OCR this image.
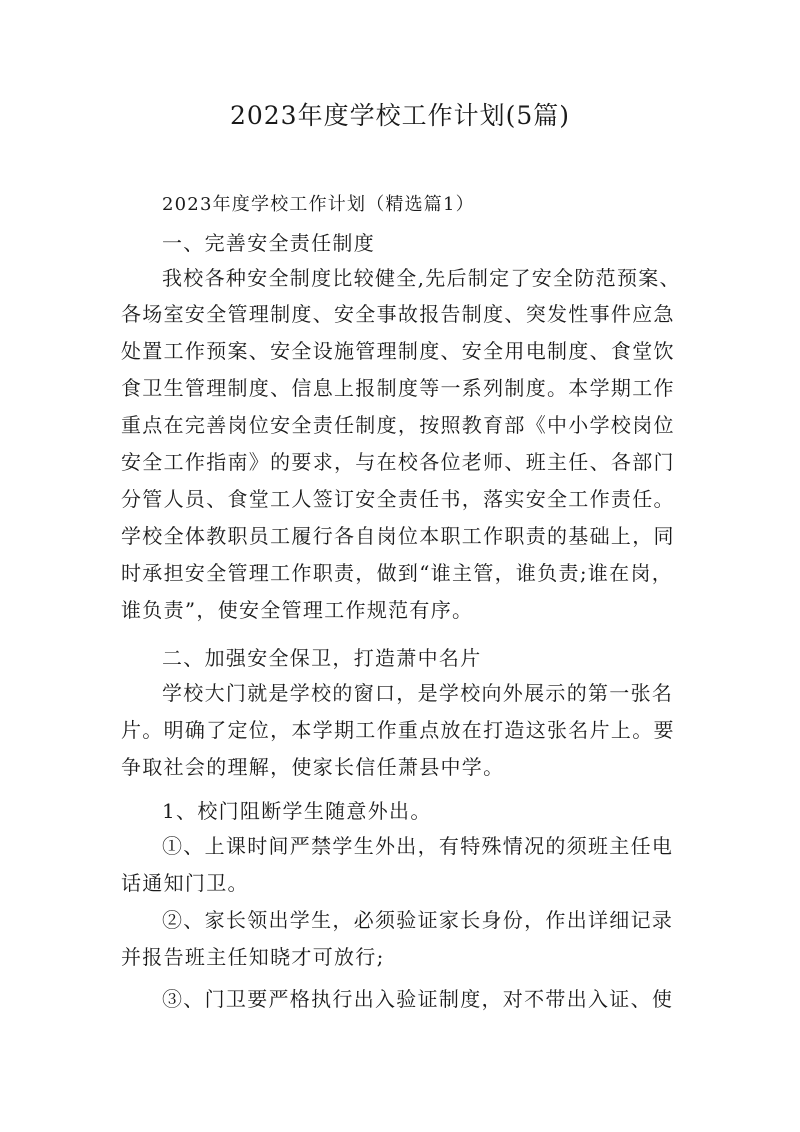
2023年度学校工作计划(5篇)
2023年度学校工作计划（精选篇1）
一、完善安全责任制度
我校各种安全制度比较健全,先后制定了安全防范预案、
各场室安全管理制度、安全事故报告制度、突发性事件应急
处置工作预案、安全设施管理制度、安全用电制度、食堂饮
食卫生管理制度、信息上报制度等一系列制度。本学期工作
重点在完善岗位安全责任制度，按照教育部《中小学校岗位
安全工作指南》的要求，与在校各位老师、班主任、各部门
分管人员、食堂工人签订安全责任书，落实安全工作责任。
学校全体教职员工履行各自岗位本职工作职责的基础上，同
时承担安全管理工作职责，做到“谁主管，谁负责;谁在岗，
谁负责”，使安全管理工作规范有序。
二、加强安全保卫，打造萧中名片
学校大门就是学校的窗口，是学校向外展示的第一张名
片。明确了定位，本学期工作重点放在打造这张名片上。要
争取社会的理解，使家长信任萧县中学。
1、校门阻断学生随意外出。
①、上课时间严禁学生外出，有特殊情况的须班主任电
话通知门卫。
②、家长领出学生，必须验证家长身份，作出详细记录
并报告班主任知晓才可放行;
③、门卫要严格执行出入验证制度，对不带出入证、使
